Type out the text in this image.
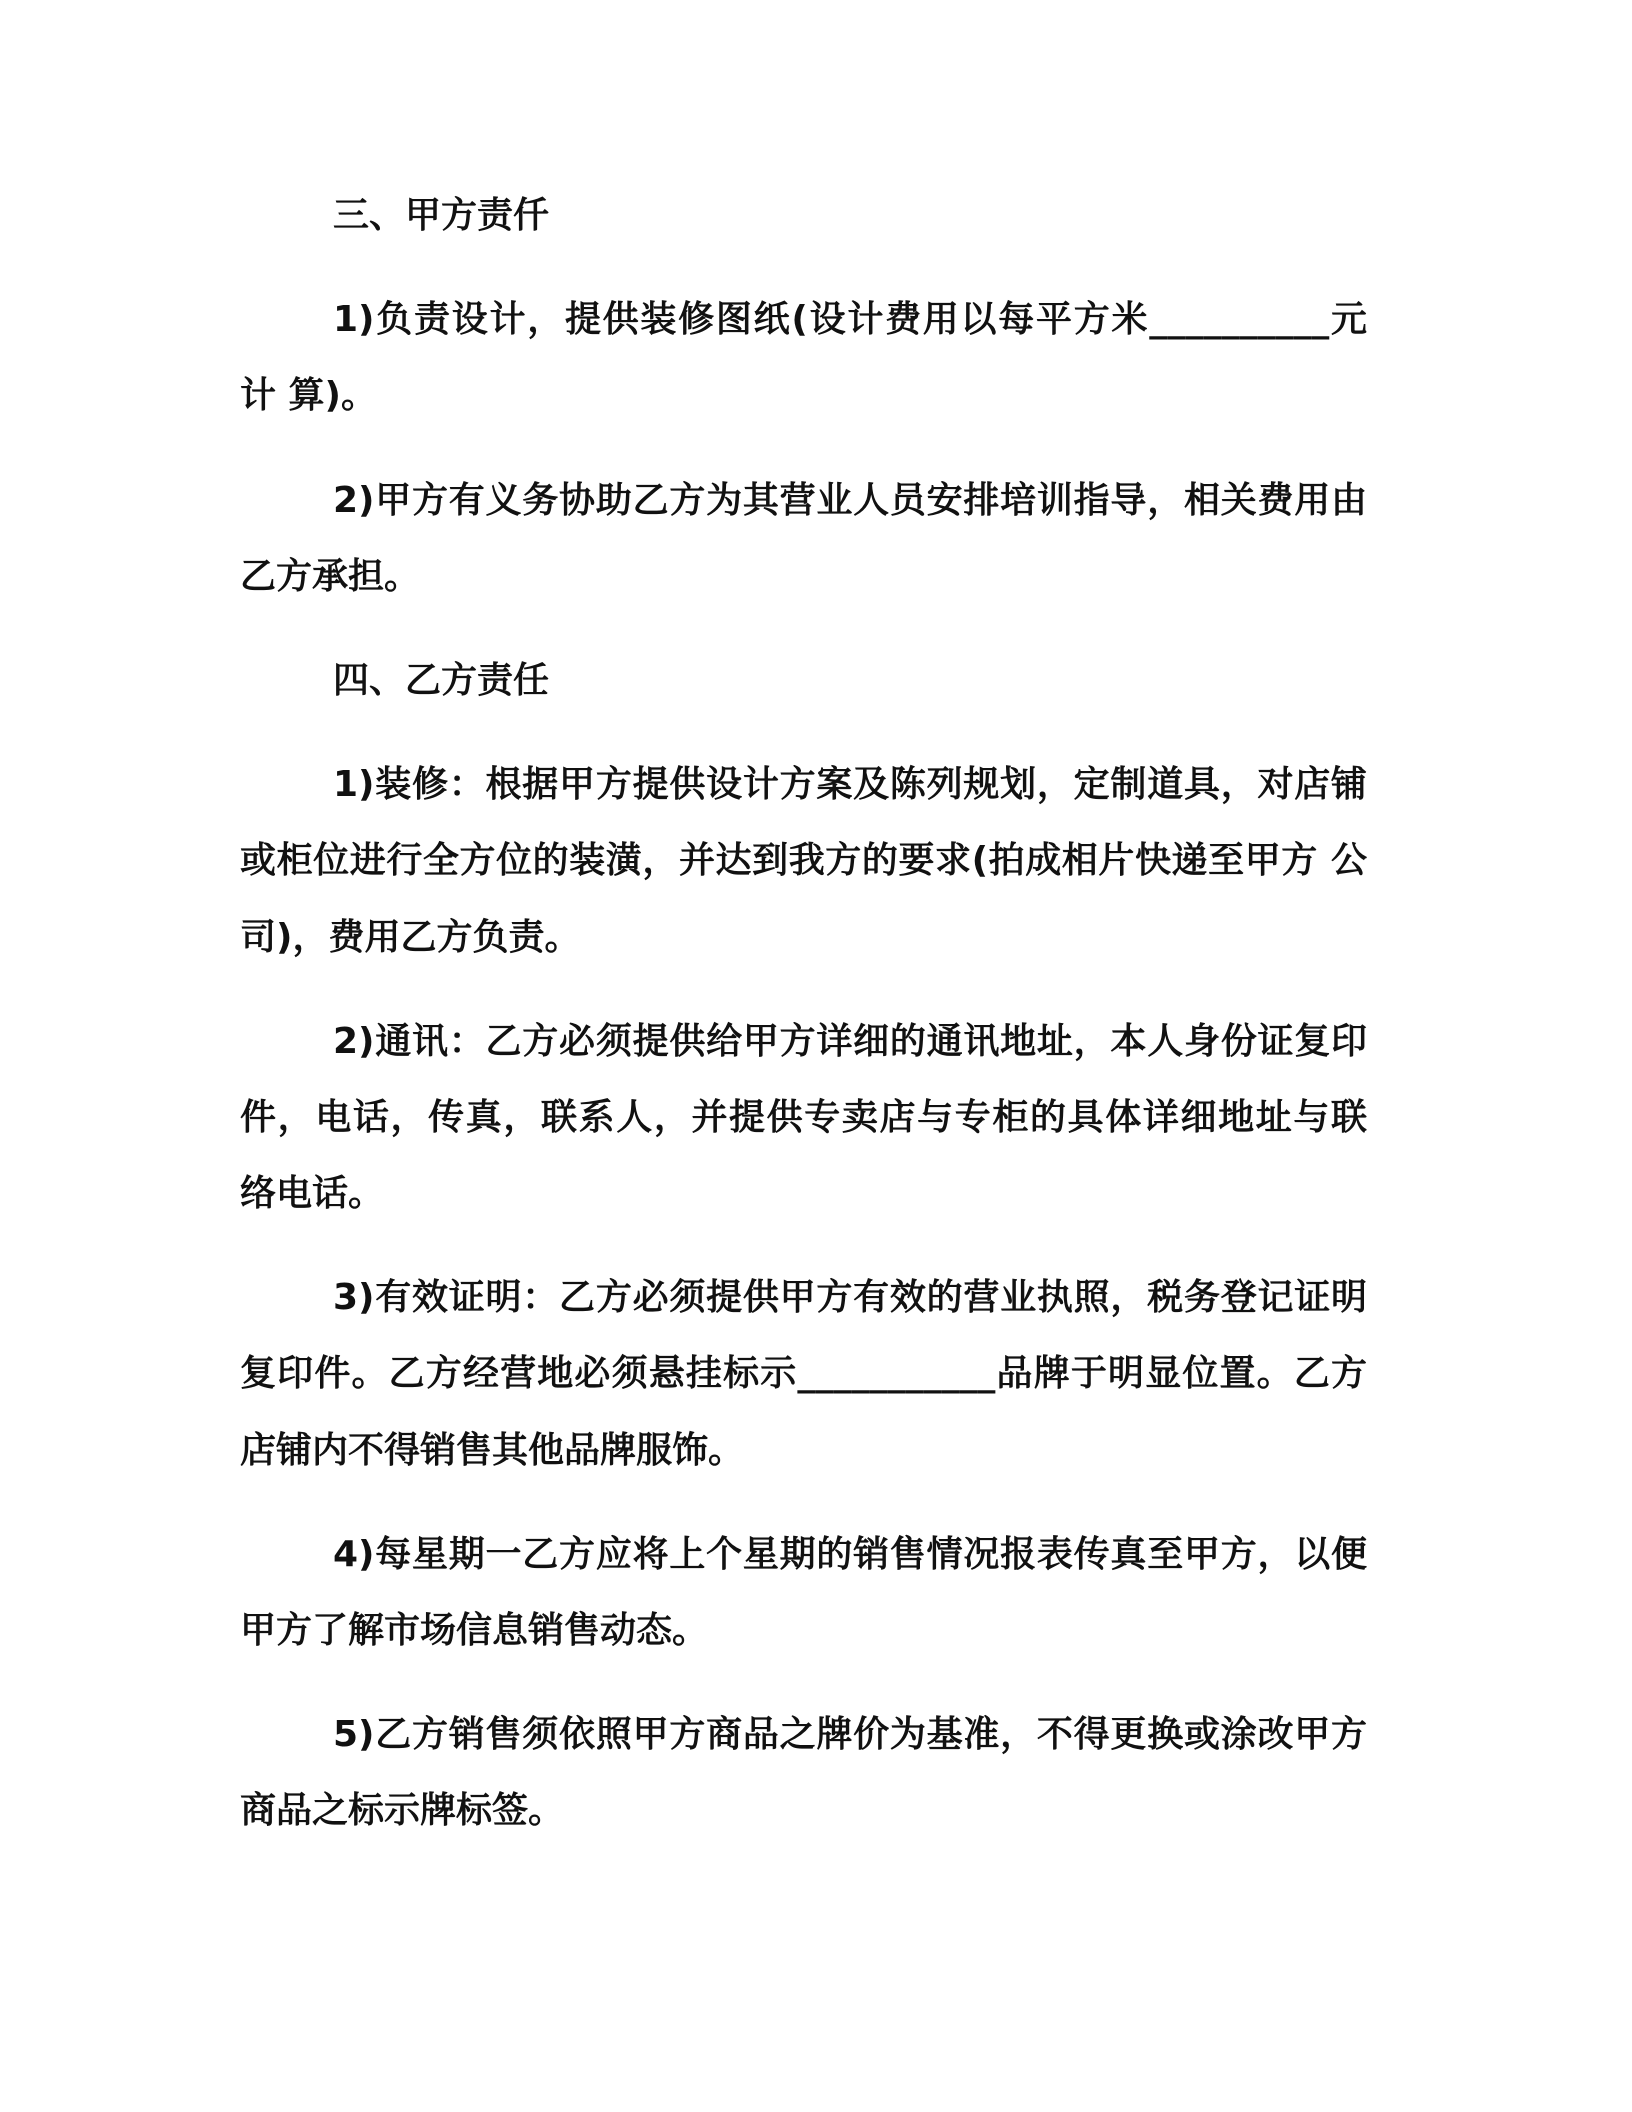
三、甲方责仟
1)负责设计，提供装修图纸(设计费用以每平方米__________元
计 算)。
2)甲方有义务协助乙方为其营业人员安排培训指导，相关费用由
乙方承担。
四、乙方责任
1)装修：根据甲方提供设计方案及陈列规划，定制道具，对店铺
或柜位进行全方位的装潢，并达到我方的要求(拍成相片快递至甲方 公
司)，费用乙方负责。
2)通讯：乙方必须提供给甲方详细的通讯地址，本人身份证复印
件，电话，传真，联系人，并提供专卖店与专柜的具体详细地址与联
络电话。
3)有效证明：乙方必须提供甲方有效的营业执照，税务登记证明
复印件。乙方经营地必须悬挂标示___________品牌于明显位置。乙方
店铺内不得销售其他品牌服饰。
4)每星期一乙方应将上个星期的销售情况报表传真至甲方，以便
甲方了解市场信息销售动态。
5)乙方销售须依照甲方商品之牌价为基准，不得更换或涂改甲方
商品之标示牌标签。
